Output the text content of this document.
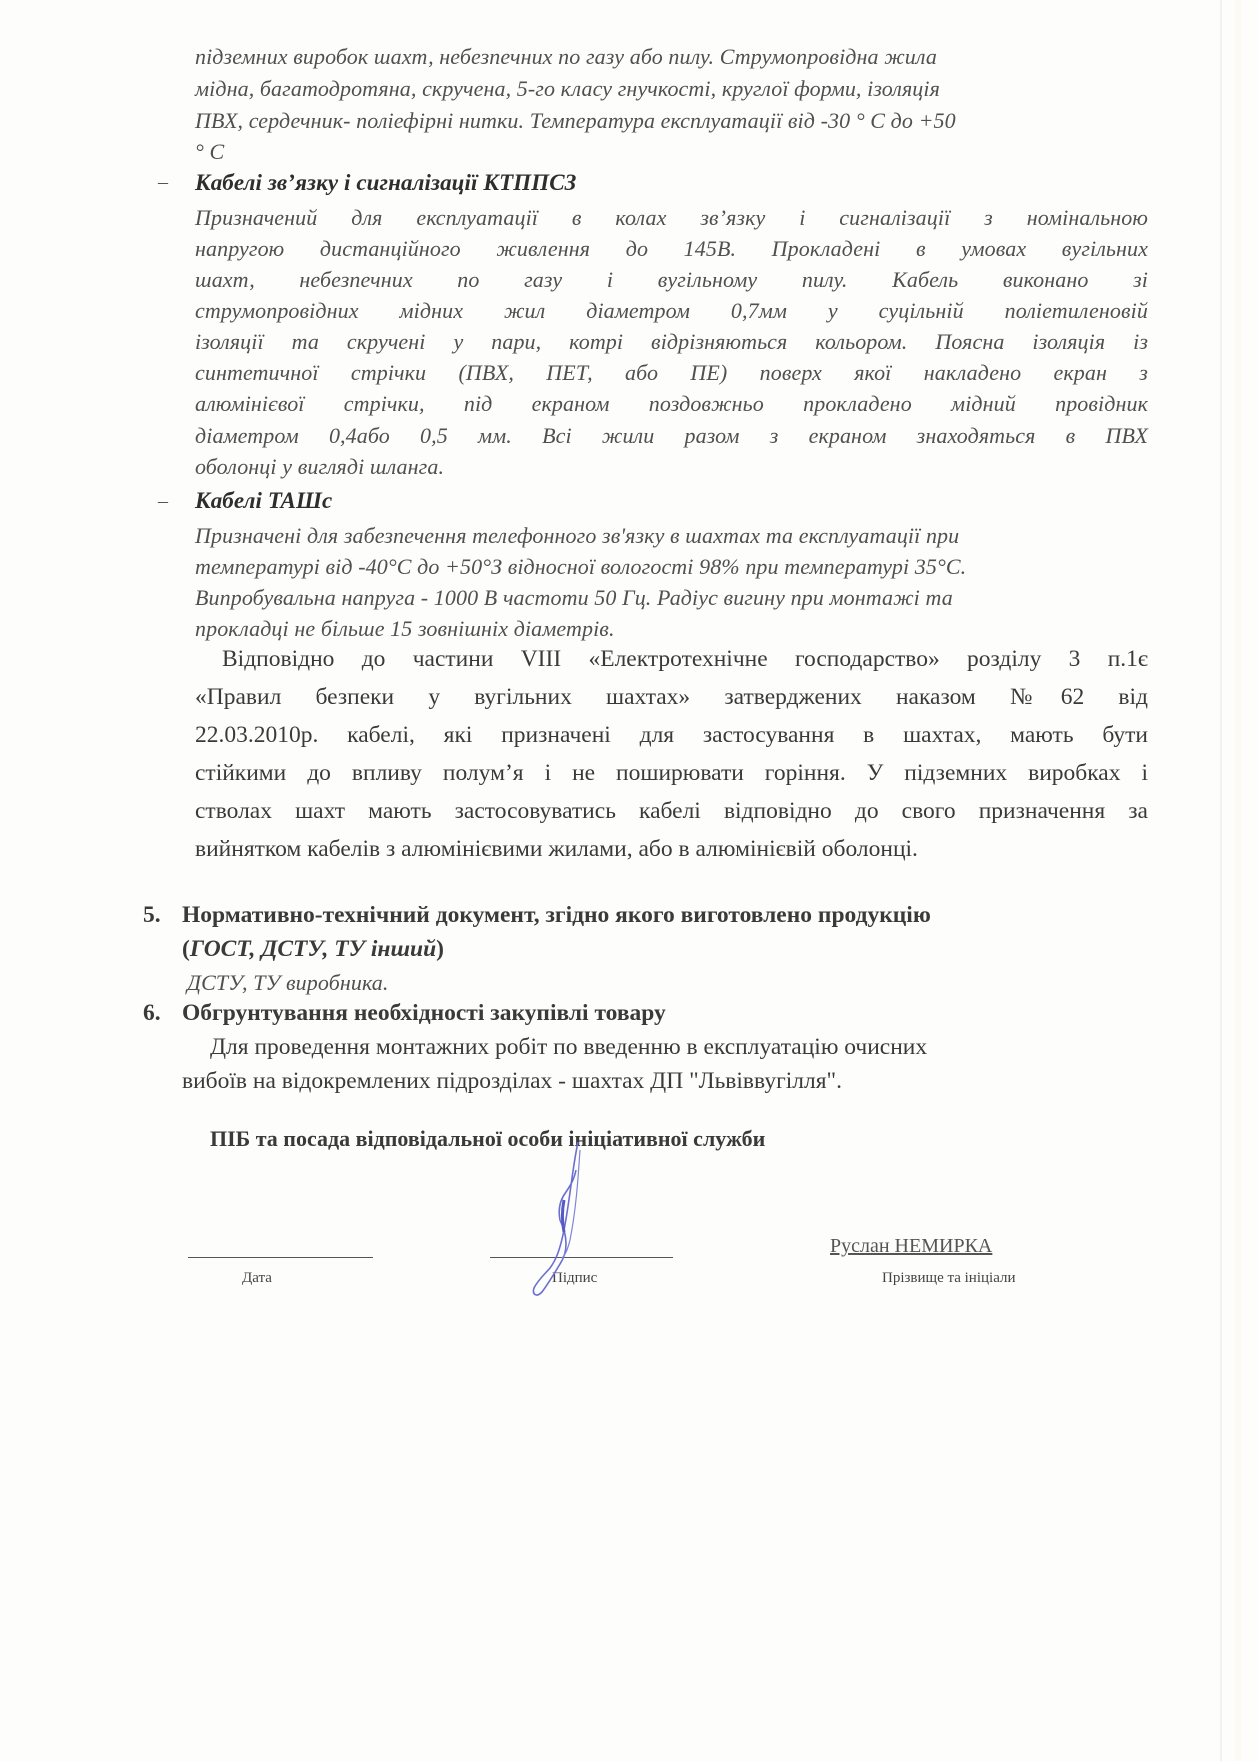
підземних виробок шахт, небезпечних по газу або пилу. Струмопровідна жила
мідна, багатодротяна, скручена, 5-го класу гнучкості, круглої форми, ізоляція
ПВХ, сердечник- поліефірні нитки. Температура експлуатації від -30 ° С до +50
° С
– Кабелі зв’язку і сигналізації КТППСЗ
Призначений для експлуатації в колах зв’язку і сигналізації з номінальною
напругою дистанційного живлення до 145В. Прокладені в умовах вугільних
шахт, небезпечних по газу і вугільному пилу. Кабель виконано зі
струмопровідних мідних жил діаметром 0,7мм у суцільній поліетиленовій
ізоляції та скручені у пари, котрі відрізняються кольором. Поясна ізоляція із
синтетичної стрічки (ПВХ, ПЕТ, або ПЕ) поверх якої накладено екран з
алюмінієвої стрічки, під екраном поздовжньо прокладено мідний провідник
діаметром 0,4або 0,5 мм. Всі жили разом з екраном знаходяться в ПВХ
оболонці у вигляді шланга.
– Кабелі ТАШс
Призначені для забезпечення телефонного зв'язку в шахтах та експлуатації при
температурі від -40°С до +50°З відносної вологості 98% при температурі 35°С.
Випробувальна напруга - 1000 В частоти 50 Гц. Радіус вигину при монтажі та
прокладці не більше 15 зовнішніх діаметрів.
Відповідно до частини VIII «Електротехнічне господарство» розділу 3 п.1є
«Правил безпеки у вугільних шахтах» затверджених наказом №62 від
22.03.2010р. кабелі, які призначені для застосування в шахтах, мають бути
стійкими до впливу полум’я і не поширювати горіння. У підземних виробках і
стволах шахт мають застосовуватись кабелі відповідно до свого призначення за
вийнятком кабелів з алюмінієвими жилами, або в алюмінієвій оболонці.
5. Нормативно-технічний документ, згідно якого виготовлено продукцію
(ГОСТ, ДСТУ, ТУ інший)
ДСТУ, ТУ виробника.
6. Обгрунтування необхідності закупівлі товару
Для проведення монтажних робіт по введенню в експлуатацію очисних
вибоїв на відокремлених підрозділах - шахтах ДП "Львіввугілля".
ПІБ та посада відповідальної особи ініціативної служби
Дата	Підпис
Руслан НЕМИРКА
Прізвище та ініціали
